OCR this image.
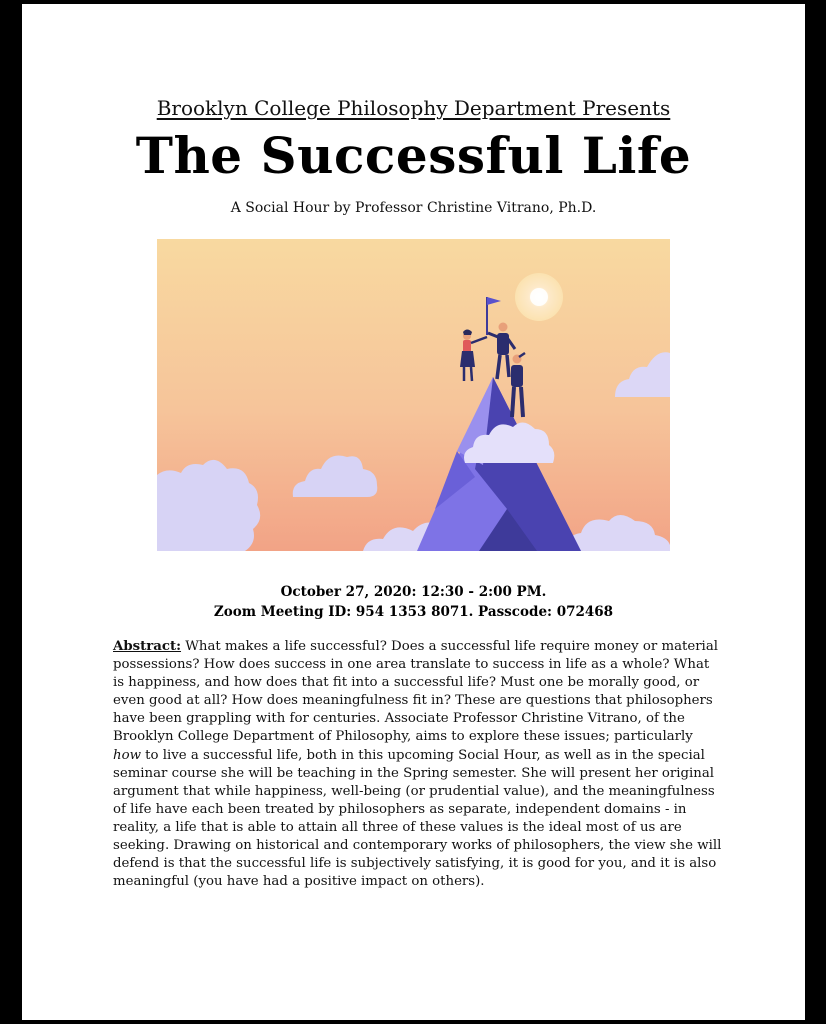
Brooklyn College Philosophy Department Presents
The Successful Life
A Social Hour by Professor Christine Vitrano, Ph.D.
October 27, 2020: 12:30 - 2:00 PM.
Zoom Meeting ID: 954 1353 8071. Passcode: 072468
Abstract: What makes a life successful? Does a successful life require money or material possessions? How does success in one area translate to success in life as a whole? What is happiness, and how does that fit into a successful life? Must one be morally good, or even good at all? How does meaningfulness fit in? These are questions that philosophers have been grappling with for centuries. Associate Professor Christine Vitrano, of the Brooklyn College Department of Philosophy, aims to explore these issues; particularly how to live a successful life, both in this upcoming Social Hour, as well as in the special seminar course she will be teaching in the Spring semester. She will present her original argument that while happiness, well-being (or prudential value), and the meaningfulness of life have each been treated by philosophers as separate, independent domains - in reality, a life that is able to attain all three of these values is the ideal most of us are seeking. Drawing on historical and contemporary works of philosophers, the view she will defend is that the successful life is subjectively satisfying, it is good for you, and it is also meaningful (you have had a positive impact on others).
